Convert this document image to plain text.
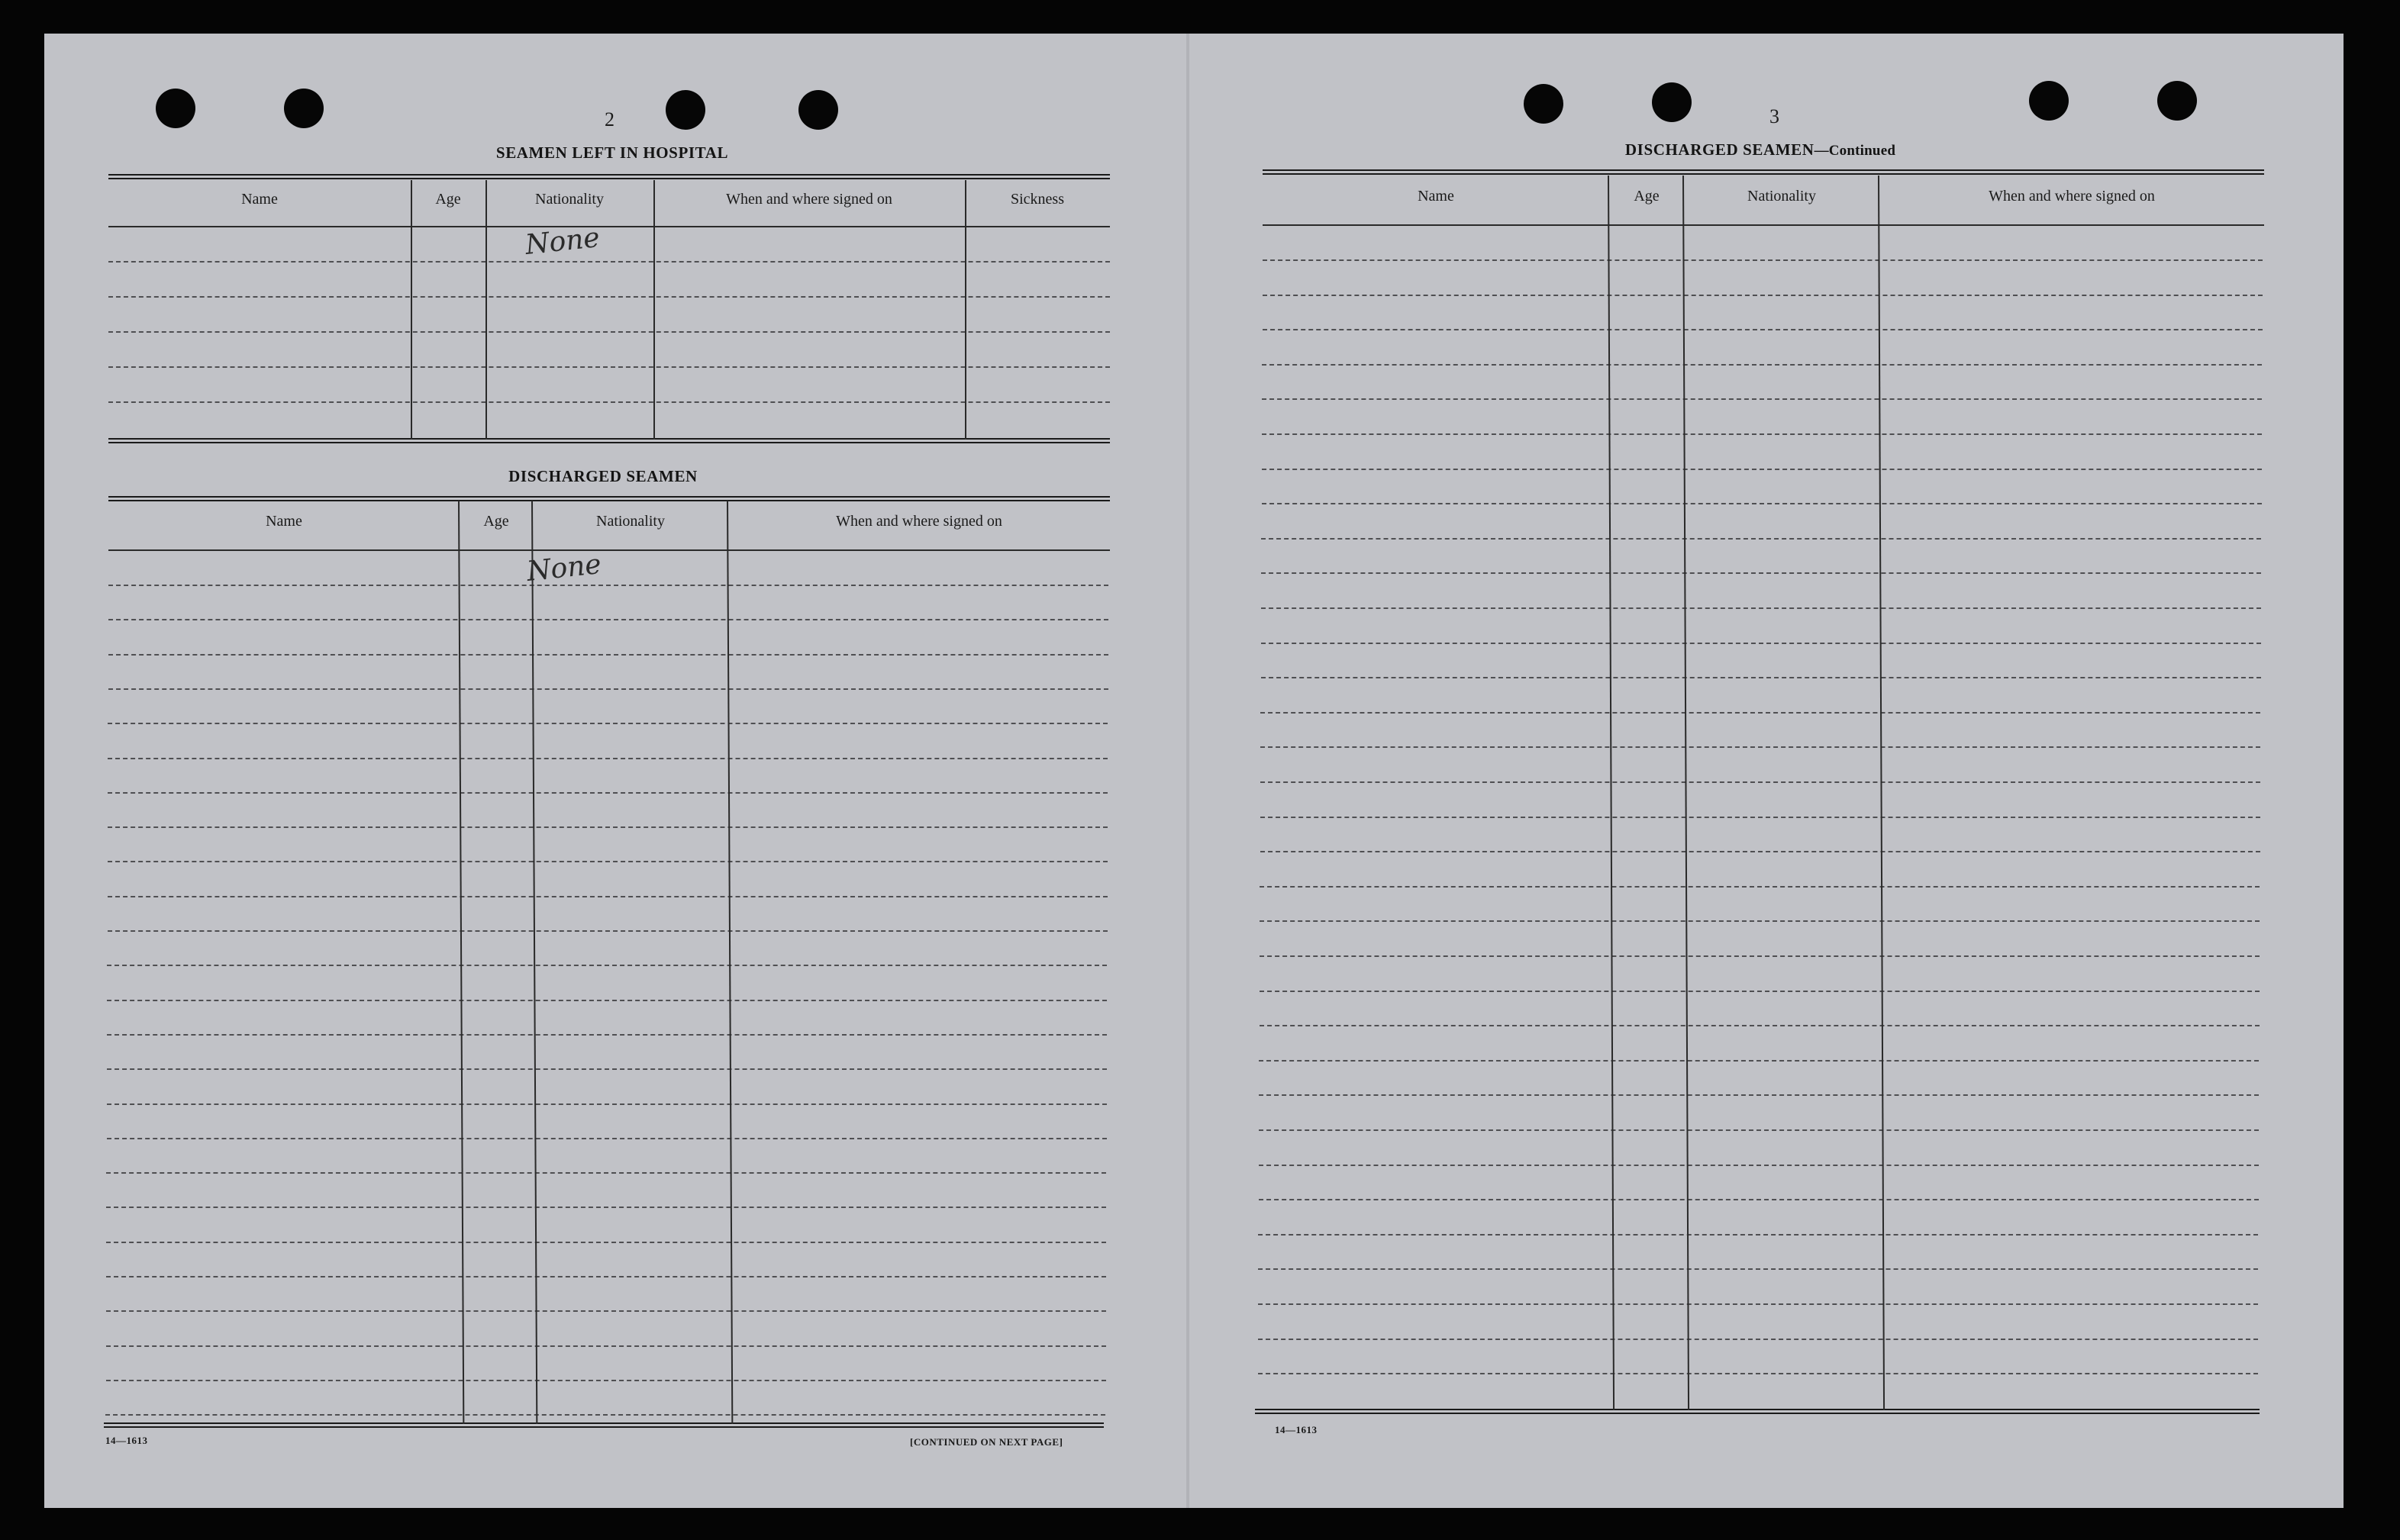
2
SEAMEN LEFT IN HOSPITAL
Name	Age	Nationality	When and where signed on	Sickness
None
DISCHARGED SEAMEN
Name	Age	Nationality	When and where signed on
None
14—1613	[CONTINUED ON NEXT PAGE]
3
DISCHARGED SEAMEN—Continued
Name	Age	Nationality	When and where signed on
14—1613
